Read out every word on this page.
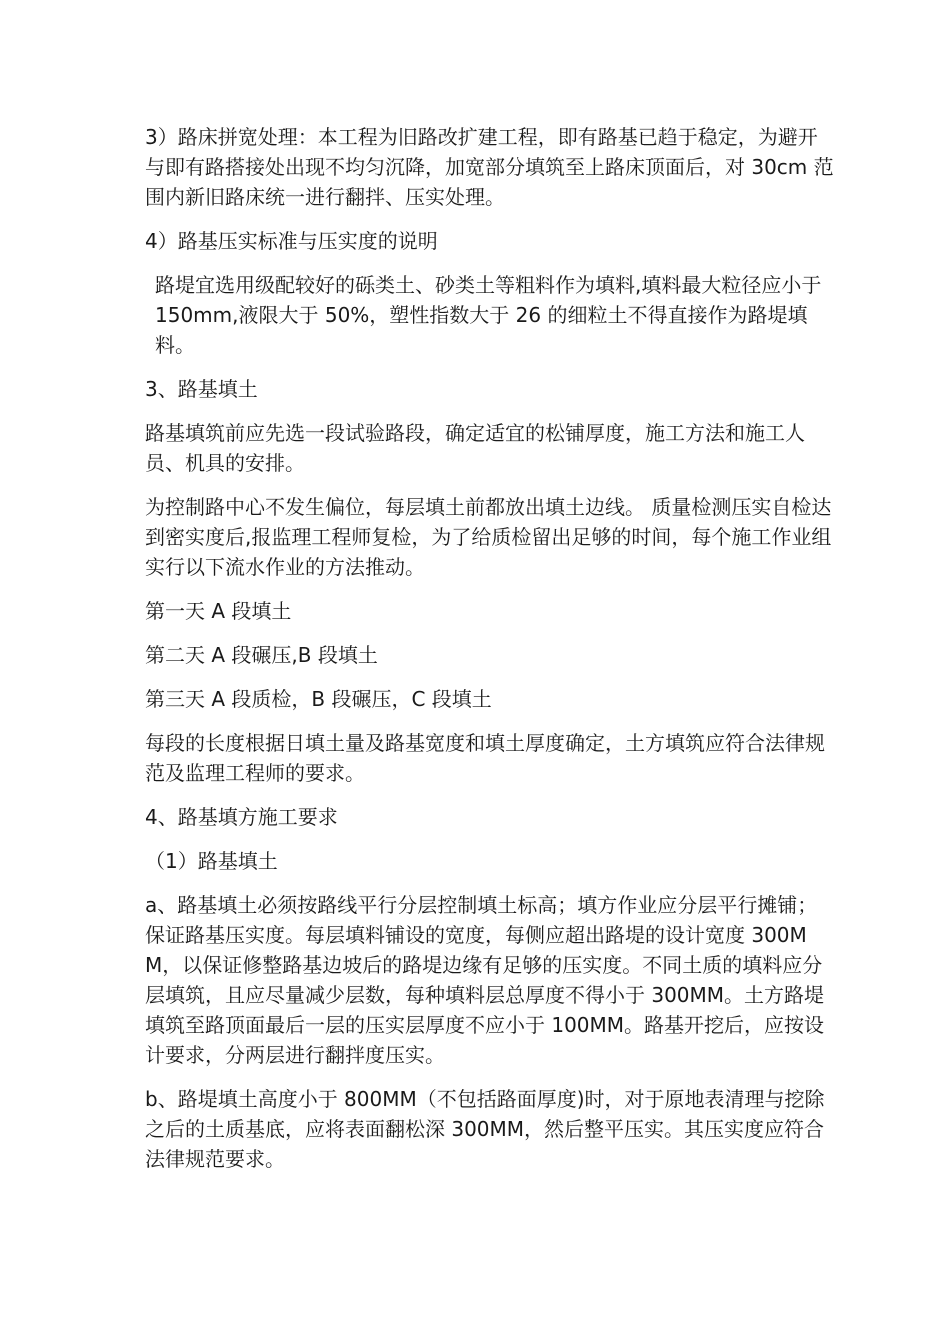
3）路床拼宽处理：本工程为旧路改扩建工程，即有路基已趋于稳定，为避开与即有路搭接处出现不均匀沉降，加宽部分填筑至上路床顶面后，对 30cm 范围内新旧路床统一进行翻拌、压实处理。

4）路基压实标准与压实度的说明

路堤宜选用级配较好的砾类土、砂类土等粗料作为填料,填料最大粒径应小于 150mm,液限大于 50%，塑性指数大于 26 的细粒土不得直接作为路堤填料。

3、路基填土

路基填筑前应先选一段试验路段，确定适宜的松铺厚度，施工方法和施工人员、机具的安排。

为控制路中心不发生偏位，每层填土前都放出填土边线。 质量检测压实自检达到密实度后,报监理工程师复检，为了给质检留出足够的时间，每个施工作业组实行以下流水作业的方法推动。

第一天 A 段填土

第二天 A 段碾压,B 段填土

第三天 A 段质检，B 段碾压，C 段填土

每段的长度根据日填土量及路基宽度和填土厚度确定，土方填筑应符合法律规范及监理工程师的要求。

4、路基填方施工要求

（1）路基填土

a、路基填土必须按路线平行分层控制填土标高；填方作业应分层平行摊铺；保证路基压实度。每层填料铺设的宽度，每侧应超出路堤的设计宽度 300MM，以保证修整路基边坡后的路堤边缘有足够的压实度。不同土质的填料应分层填筑，且应尽量减少层数，每种填料层总厚度不得小于 300MM。土方路堤填筑至路顶面最后一层的压实层厚度不应小于 100MM。路基开挖后，应按设计要求，分两层进行翻拌度压实。

b、路堤填土高度小于 800MM（不包括路面厚度)时，对于原地表清理与挖除之后的土质基底，应将表面翻松深 300MM，然后整平压实。其压实度应符合法律规范要求。
